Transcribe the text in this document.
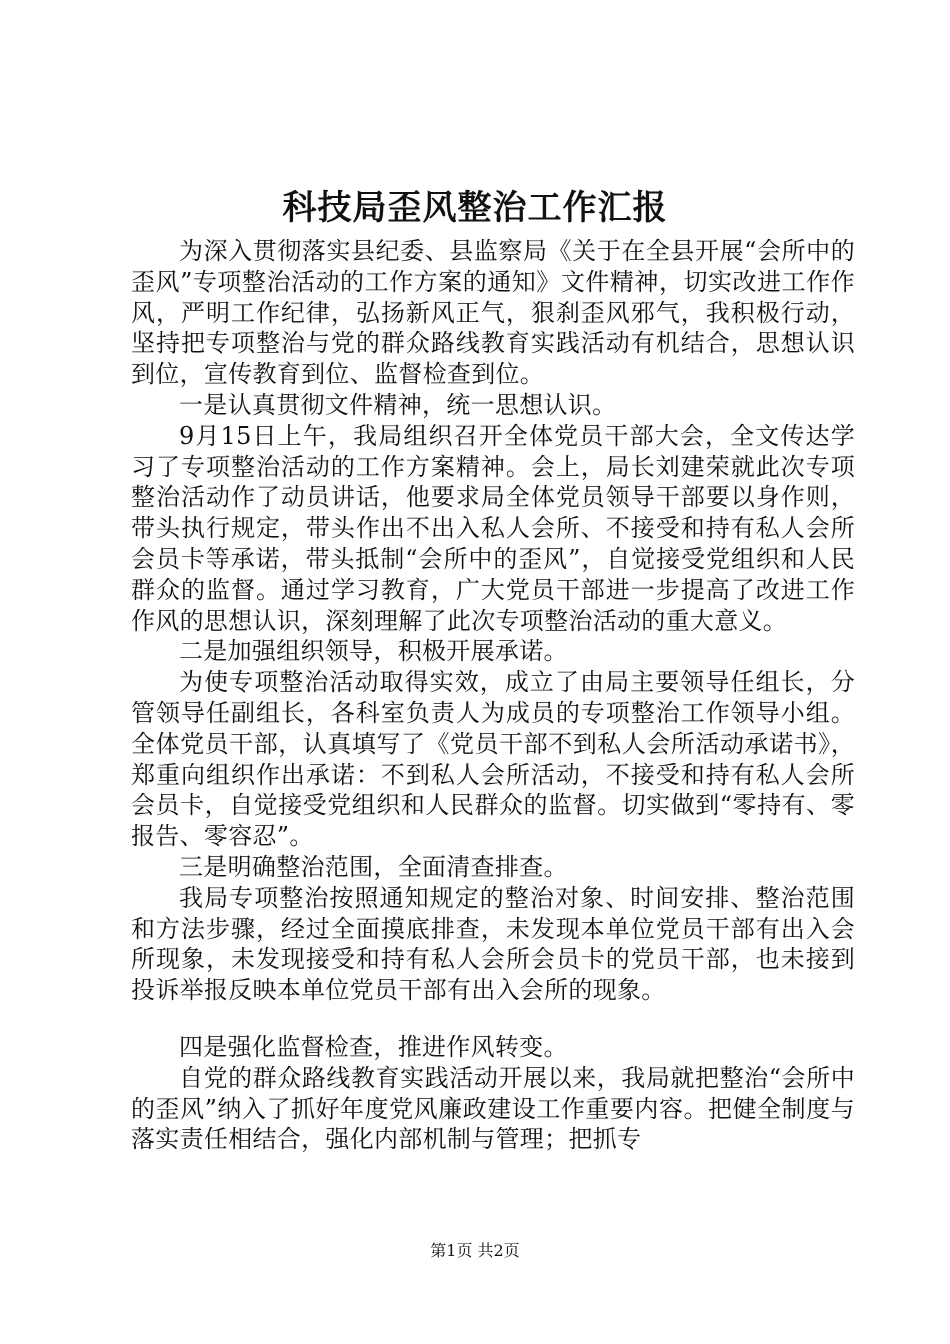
科技局歪风整治工作汇报

为深入贯彻落实县纪委、县监察局《关于在全县开展“会所中的歪风”专项整治活动的工作方案的通知》文件精神，切实改进工作作风，严明工作纪律，弘扬新风正气，狠刹歪风邪气，我积极行动，坚持把专项整治与党的群众路线教育实践活动有机结合，思想认识到位，宣传教育到位、监督检查到位。

一是认真贯彻文件精神，统一思想认识。

9月15日上午，我局组织召开全体党员干部大会，全文传达学习了专项整治活动的工作方案精神。会上，局长刘建荣就此次专项整治活动作了动员讲话，他要求局全体党员领导干部要以身作则，带头执行规定，带头作出不出入私人会所、不接受和持有私人会所会员卡等承诺，带头抵制“会所中的歪风”，自觉接受党组织和人民群众的监督。通过学习教育，广大党员干部进一步提高了改进工作作风的思想认识，深刻理解了此次专项整治活动的重大意义。

二是加强组织领导，积极开展承诺。

为使专项整治活动取得实效，成立了由局主要领导任组长，分管领导任副组长，各科室负责人为成员的专项整治工作领导小组。全体党员干部，认真填写了《党员干部不到私人会所活动承诺书》，郑重向组织作出承诺：不到私人会所活动，不接受和持有私人会所会员卡，自觉接受党组织和人民群众的监督。切实做到“零持有、零报告、零容忍”。

三是明确整治范围，全面清查排查。

我局专项整治按照通知规定的整治对象、时间安排、整治范围和方法步骤，经过全面摸底排查，未发现本单位党员干部有出入会所现象，未发现接受和持有私人会所会员卡的党员干部，也未接到投诉举报反映本单位党员干部有出入会所的现象。

四是强化监督检查，推进作风转变。

自党的群众路线教育实践活动开展以来，我局就把整治“会所中的歪风”纳入了抓好年度党风廉政建设工作重要内容。把健全制度与落实责任相结合，强化内部机制与管理；把抓专

第1页 共2页
